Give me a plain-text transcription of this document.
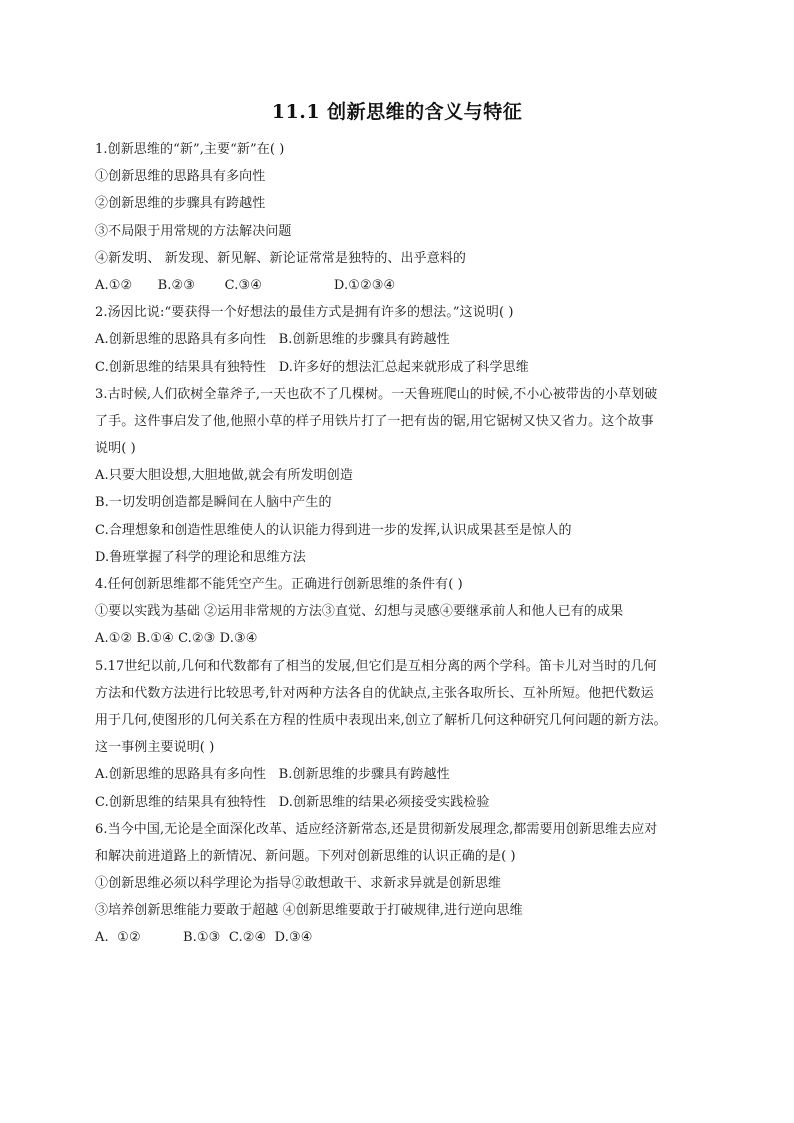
11.1 创新思维的含义与特征
1.创新思维的“新”,主要“新”在( )
①创新思维的思路具有多向性
②创新思维的步骤具有跨越性
③不局限于用常规的方法解决问题
④新发明、 新发现、新见解、新论证常常是独特的、出乎意料的
A.①②      B.②③       C.③④                 D.①②③④
2.汤因比说:“要获得一个好想法的最佳方式是拥有许多的想法。”这说明( )
A.创新思维的思路具有多向性   B.创新思维的步骤具有跨越性
C.创新思维的结果具有独特性   D.许多好的想法汇总起来就形成了科学思维
3.古时候,人们砍树全靠斧子,一天也砍不了几棵树。一天鲁班爬山的时候,不小心被带齿的小草划破
了手。这件事启发了他,他照小草的样子用铁片打了一把有齿的锯,用它锯树又快又省力。这个故事
说明( )
A.只要大胆设想,大胆地做,就会有所发明创造
B.一切发明创造都是瞬间在人脑中产生的
C.合理想象和创造性思维使人的认识能力得到进一步的发挥,认识成果甚至是惊人的
D.鲁班掌握了科学的理论和思维方法
4.任何创新思维都不能凭空产生。正确进行创新思维的条件有( )
①要以实践为基础 ②运用非常规的方法③直觉、幻想与灵感④要继承前人和他人已有的成果
A.①② B.①④ C.②③ D.③④
5.17世纪以前,几何和代数都有了相当的发展,但它们是互相分离的两个学科。笛卡儿对当时的几何
方法和代数方法进行比较思考,针对两种方法各自的优缺点,主张各取所长、互补所短。他把代数运
用于几何,使图形的几何关系在方程的性质中表现出来,创立了解析几何这种研究几何问题的新方法。
这一事例主要说明( )
A.创新思维的思路具有多向性   B.创新思维的步骤具有跨越性
C.创新思维的结果具有独特性   D.创新思维的结果必须接受实践检验
6.当今中国,无论是全面深化改革、适应经济新常态,还是贯彻新发展理念,都需要用创新思维去应对
和解决前进道路上的新情况、新问题。下列对创新思维的认识正确的是( )
①创新思维必须以科学理论为指导②敢想敢干、求新求异就是创新思维
③培养创新思维能力要敢于超越 ④创新思维要敢于打破规律,进行逆向思维
A.  ①②          B.①③  C.②④  D.③④
